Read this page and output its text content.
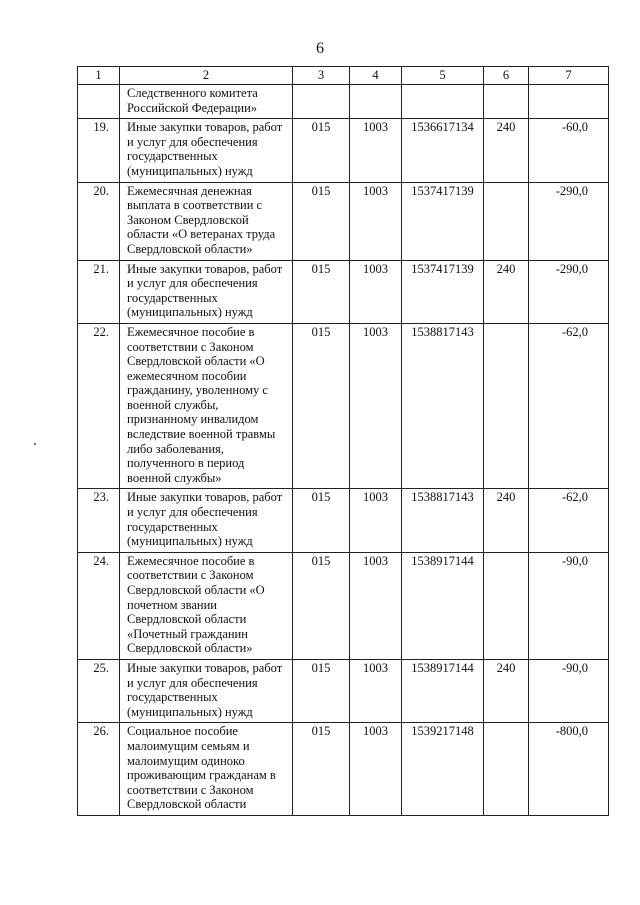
6
1	2	3	4	5	6	7
	Следственного комитета Российской Федерации»					
19.	Иные закупки товаров, работ и услуг для обеспечения государственных (муниципальных) нужд	015	1003	1536617134	240	-60,0
20.	Ежемесячная денежная выплата в соответствии с Законом Свердловской области «О ветеранах труда Свердловской области»	015	1003	1537417139		-290,0
21.	Иные закупки товаров, работ и услуг для обеспечения государственных (муниципальных) нужд	015	1003	1537417139	240	-290,0
22.	Ежемесячное пособие в соответствии с Законом Свердловской области «О ежемесячном пособии гражданину, уволенному с военной службы, признанному инвалидом вследствие военной травмы либо заболевания, полученного в период военной службы»	015	1003	1538817143		-62,0
23.	Иные закупки товаров, работ и услуг для обеспечения государственных (муниципальных) нужд	015	1003	1538817143	240	-62,0
24.	Ежемесячное пособие в соответствии с Законом Свердловской области «О почетном звании Свердловской области «Почетный гражданин Свердловской области»	015	1003	1538917144		-90,0
25.	Иные закупки товаров, работ и услуг для обеспечения государственных (муниципальных) нужд	015	1003	1538917144	240	-90,0
26.	Социальное пособие малоимущим семьям и малоимущим одиноко проживающим гражданам в соответствии с Законом Свердловской области	015	1003	1539217148		-800,0
